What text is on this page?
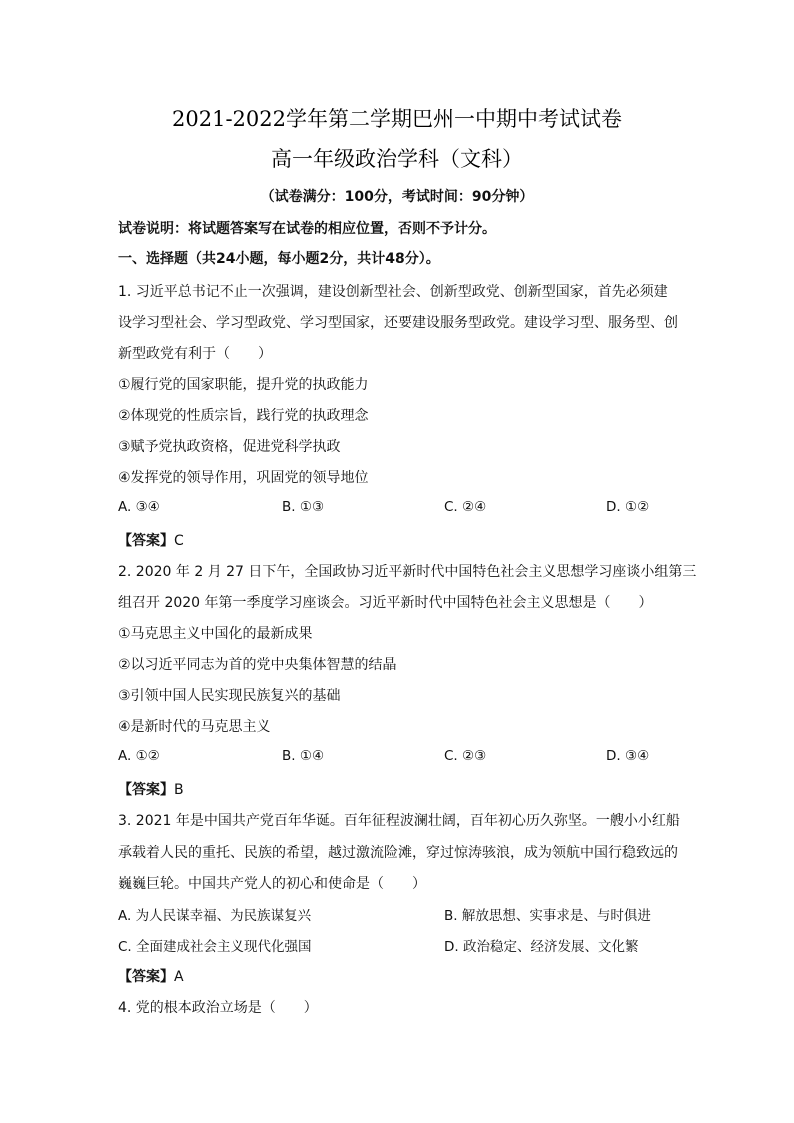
2021-2022学年第二学期巴州一中期中考试试卷
高一年级政治学科（文科）
（试卷满分：100分，考试时间：90分钟）
试卷说明：将试题答案写在试卷的相应位置，否则不予计分。
一、选择题（共24小题，每小题2分，共计48分）。
1. 习近平总书记不止一次强调，建设创新型社会、创新型政党、创新型国家，首先必须建
设学习型社会、学习型政党、学习型国家，还要建设服务型政党。建设学习型、服务型、创
新型政党有利于（　　）
①履行党的国家职能，提升党的执政能力
②体现党的性质宗旨，践行党的执政理念
③赋予党执政资格，促进党科学执政
④发挥党的领导作用，巩固党的领导地位
A. ③④	B. ①③	C. ②④	D. ①②
【答案】C
2. 2020 年 2 月 27 日下午，全国政协习近平新时代中国特色社会主义思想学习座谈小组第三
组召开 2020 年第一季度学习座谈会。习近平新时代中国特色社会主义思想是（　　）
①马克思主义中国化的最新成果
②以习近平同志为首的党中央集体智慧的结晶
③引领中国人民实现民族复兴的基础
④是新时代的马克思主义
A. ①②	B. ①④	C. ②③	D. ③④
【答案】B
3. 2021 年是中国共产党百年华诞。百年征程波澜壮阔，百年初心历久弥坚。一艘小小红船
承载着人民的重托、民族的希望，越过激流险滩，穿过惊涛骇浪，成为领航中国行稳致远的
巍巍巨轮。中国共产党人的初心和使命是（　　）
A. 为人民谋幸福、为民族谋复兴	B. 解放思想、实事求是、与时俱进
C. 全面建成社会主义现代化强国	D. 政治稳定、经济发展、文化繁
【答案】A
4. 党的根本政治立场是（　　）
